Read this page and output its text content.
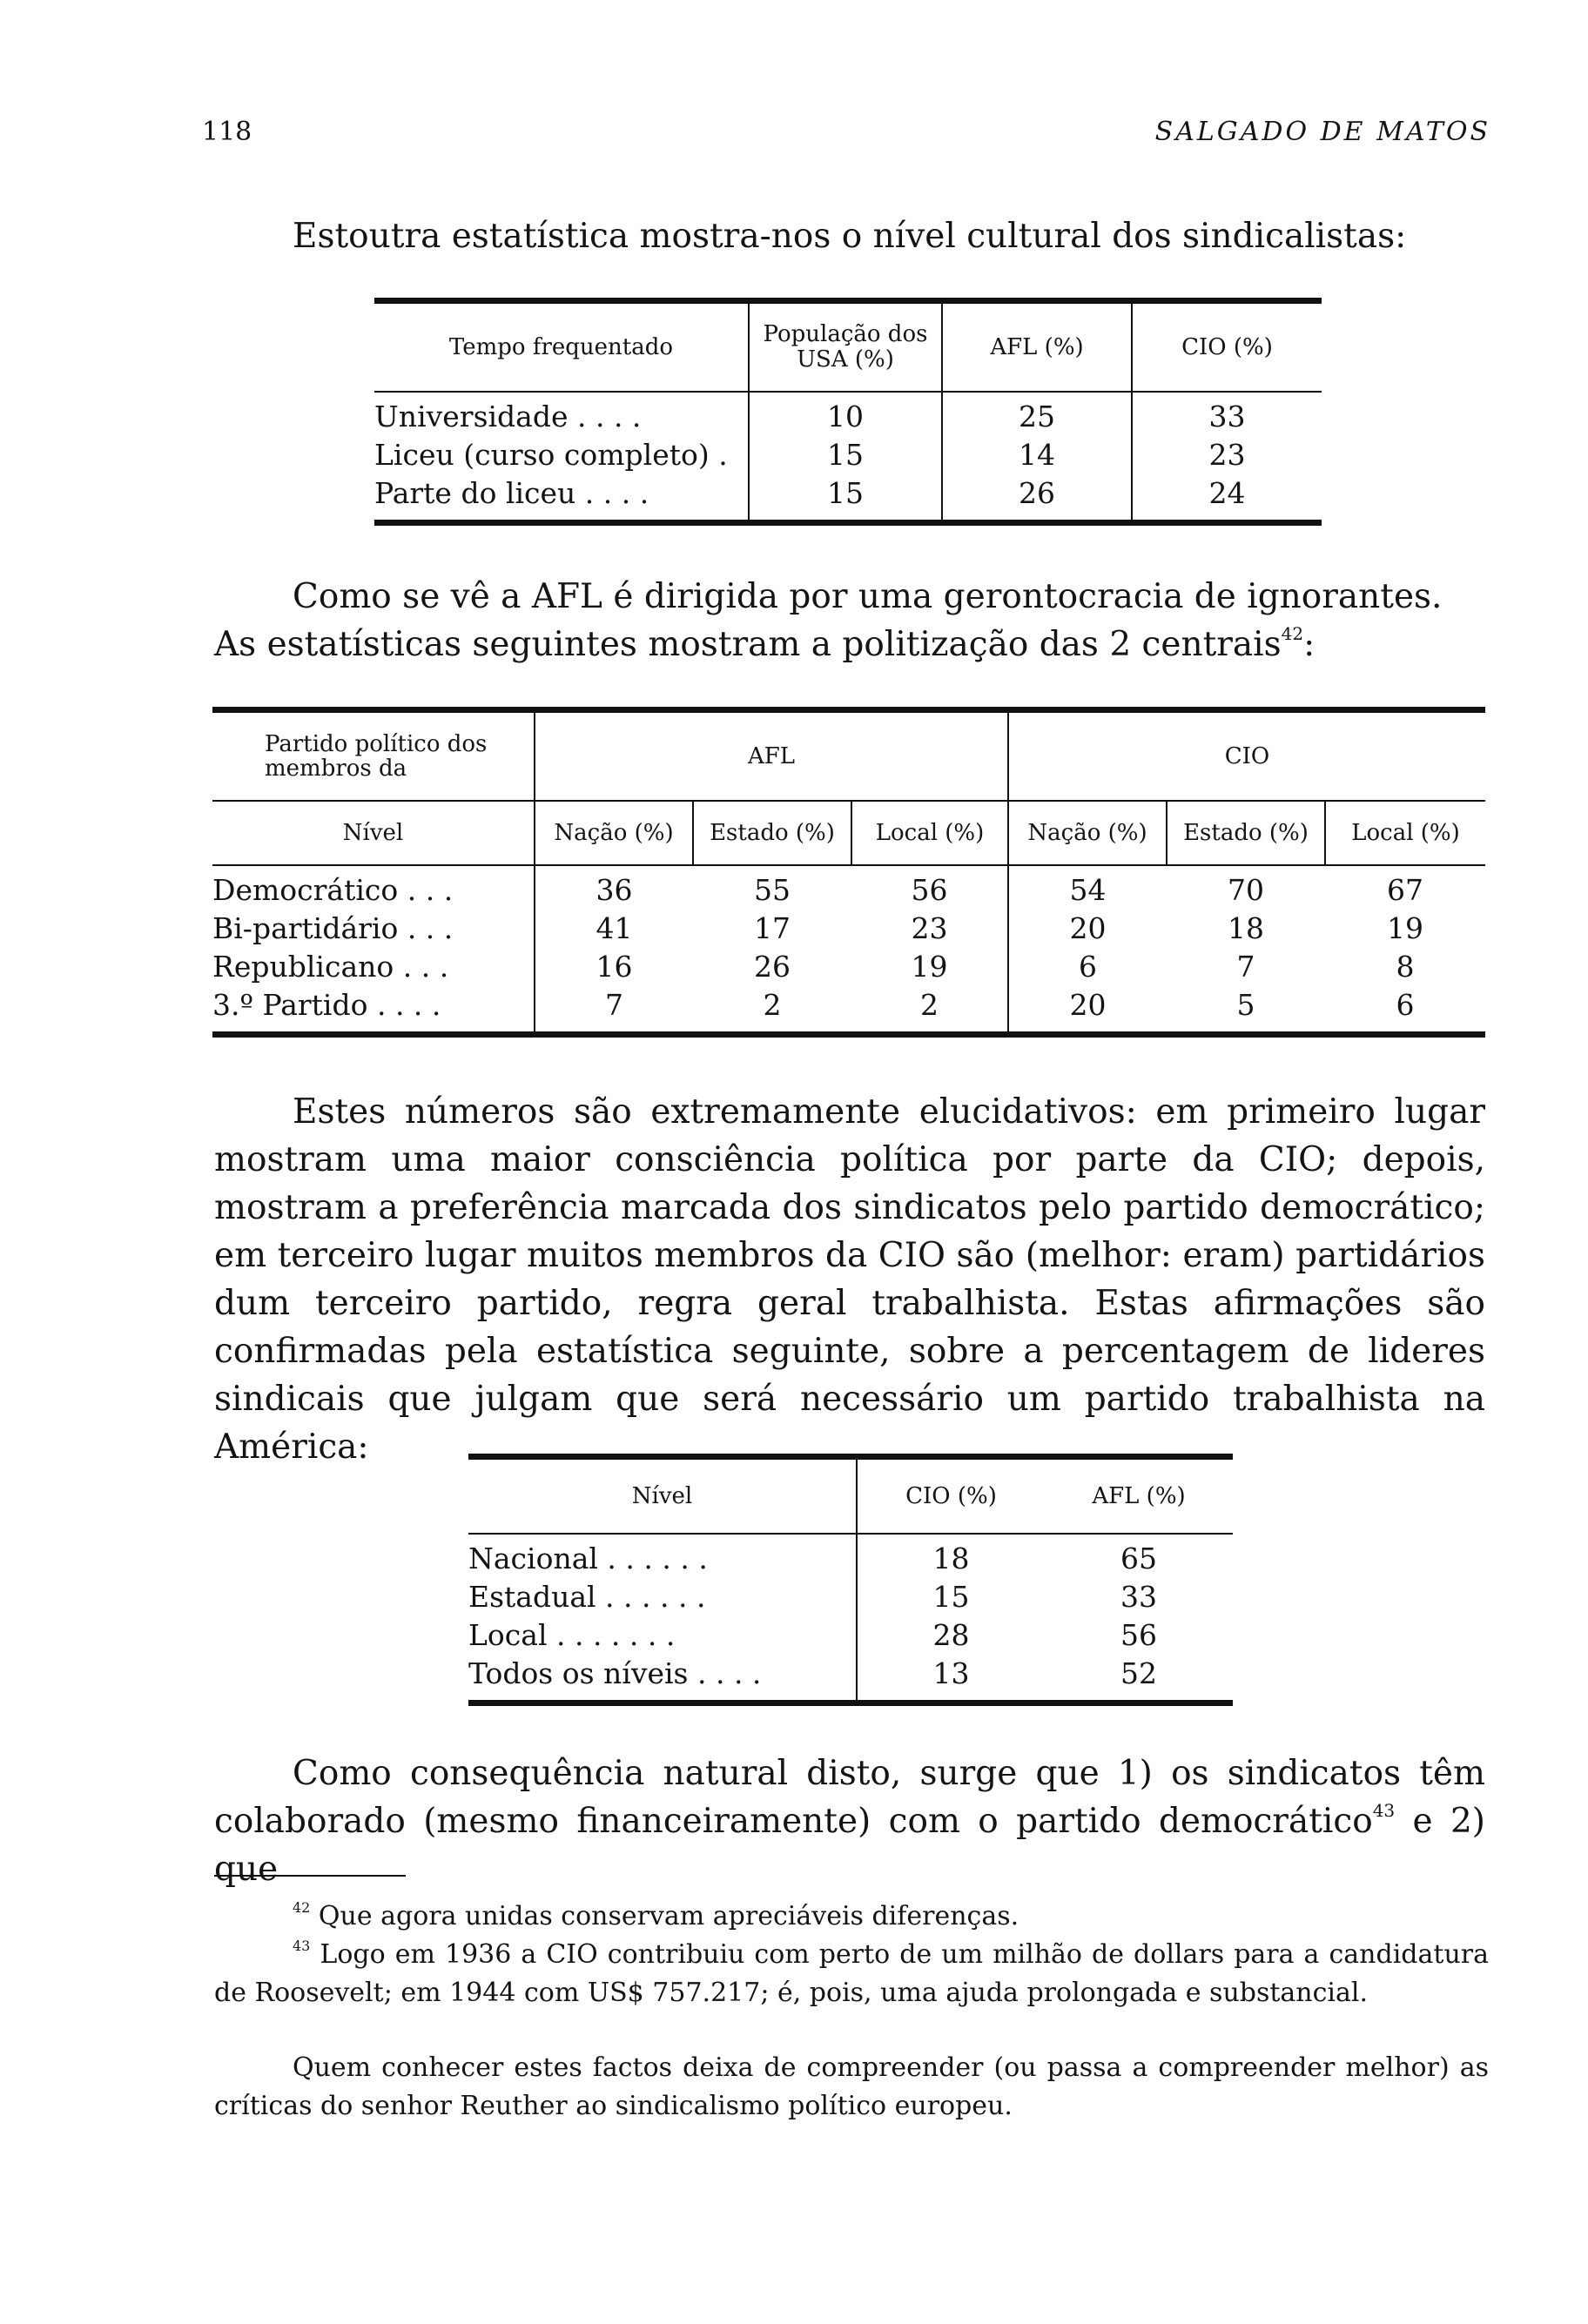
118	SALGADO DE MATOS
Estoutra estatística mostra-nos o nível cultural dos sindicalistas:
Tempo frequentado	População dos USA (%)	AFL (%)	CIO (%)
Universidade . . . .	10	25	33
Liceu (curso completo) .	15	14	23
Parte do liceu . . . .	15	26	24
Como se vê a AFL é dirigida por uma gerontocracia de ignorantes.
As estatísticas seguintes mostram a politização das 2 centrais$^{42}$:
Partido político dos membros da	AFL			CIO		
Nível	Nação (%)	Estado (%)	Local (%)	Nação (%)	Estado (%)	Local (%)
Democrático . . .	36	55	56	54	70	67
Bi-partidário . . .	41	17	23	20	18	19
Republicano . . .	16	26	19	6	7	8
3.º Partido . . . .	7	2	2	20	5	6
Estes números são extremamente elucidativos: em primeiro lugar mostram uma maior consciência política por parte da CIO; depois, mostram a preferência marcada dos sindicatos pelo partido democrático; em terceiro lugar muitos membros da CIO são (melhor: eram) partidários dum terceiro partido, regra geral trabalhista. Estas afirmações são confirmadas pela estatística seguinte, sobre a percentagem de lideres sindicais que julgam que será necessário um partido trabalhista na América:
Nível	CIO (%)	AFL (%)
Nacional . . . . . .	18	65
Estadual . . . . . .	15	33
Local . . . . . . .	28	56
Todos os níveis . . . .	13	52
Como consequência natural disto, surge que 1) os sindicatos têm colaborado (mesmo financeiramente) com o partido democrático$^{43}$ e 2) que
$^{42}$ Que agora unidas conservam apreciáveis diferenças.
$^{43}$ Logo em 1936 a CIO contribuiu com perto de um milhão de dollars para a candidatura de Roosevelt; em 1944 com US$ 757.217; é, pois, uma ajuda prolongada e substancial.
Quem conhecer estes factos deixa de compreender (ou passa a compreender melhor) as críticas do senhor Reuther ao sindicalismo político europeu.
